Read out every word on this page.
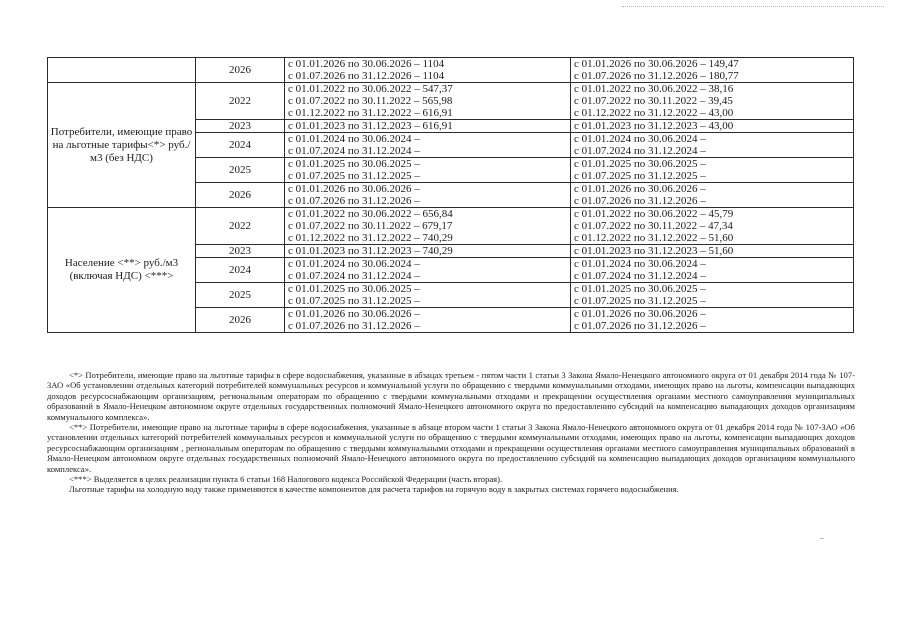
	2026	с 01.01.2026 по 30.06.2026 – 1104
с 01.07.2026 по 31.12.2026 – 1104	с 01.01.2026 по 30.06.2026 – 149,47
с 01.07.2026 по 31.12.2026 – 180,77

Потребители, имеющие право на льготные тарифы<*> руб./м3 (без НДС)	2022	с 01.01.2022 по 30.06.2022 – 547,37
с 01.07.2022 по 30.11.2022 – 565,98
с 01.12.2022 по 31.12.2022 – 616,91	с 01.01.2022 по 30.06.2022 – 38,16
с 01.07.2022 по 30.11.2022 – 39,45
с 01.12.2022 по 31.12.2022 – 43,00

	2023	с 01.01.2023 по 31.12.2023 – 616,91	с 01.01.2023 по 31.12.2023 – 43,00

	2024	с 01.01.2024 по 30.06.2024 –
с 01.07.2024 по 31.12.2024 –	с 01.01.2024 по 30.06.2024 –
с 01.07.2024 по 31.12.2024 –

	2025	с 01.01.2025 по 30.06.2025 –
с 01.07.2025 по 31.12.2025 –	с 01.01.2025 по 30.06.2025 –
с 01.07.2025 по 31.12.2025 –

	2026	с 01.01.2026 по 30.06.2026 –
с 01.07.2026 по 31.12.2026 –	с 01.01.2026 по 30.06.2026 –
с 01.07.2026 по 31.12.2026 –

Население <**> руб./м3 (включая НДС) <***>	2022	с 01.01.2022 по 30.06.2022 – 656,84
с 01.07.2022 по 30.11.2022 – 679,17
с 01.12.2022 по 31.12.2022 – 740,29	с 01.01.2022 по 30.06.2022 – 45,79
с 01.07.2022 по 30.11.2022 – 47,34
с 01.12.2022 по 31.12.2022 – 51,60

	2023	с 01.01.2023 по 31.12.2023 – 740,29	с 01.01.2023 по 31.12.2023 – 51,60

	2024	с 01.01.2024 по 30.06.2024 –
с 01.07.2024 по 31.12.2024 –	с 01.01.2024 по 30.06.2024 –
с 01.07.2024 по 31.12.2024 –

	2025	с 01.01.2025 по 30.06.2025 –
с 01.07.2025 по 31.12.2025 –	с 01.01.2025 по 30.06.2025 –
с 01.07.2025 по 31.12.2025 –

	2026	с 01.01.2026 по 30.06.2026 –
с 01.07.2026 по 31.12.2026 –	с 01.01.2026 по 30.06.2026 –
с 01.07.2026 по 31.12.2026 –

<*> Потребители, имеющие право на льготные тарифы в сфере водоснабжения, указанные в абзацах третьем - пятом части 1 статьи 3 Закона Ямало-Ненецкого автономного округа от 01 декабря 2014 года № 107-ЗАО «Об установлении отдельных категорий потребителей коммунальных ресурсов и коммунальной услуги по обращению с твердыми коммунальными отходами, имеющих право на льготы, компенсации выпадающих доходов ресурсоснабжающим организациям, региональным операторам по обращению с твердыми коммунальными отходами и прекращении осуществления органами местного самоуправления муниципальных образований в Ямало-Ненецком автономном округе отдельных государственных полномочий Ямало-Ненецкого автономного округа по предоставлению субсидий на компенсацию выпадающих доходов организациям коммунального комплекса».

<**> Потребители, имеющие право на льготные тарифы в сфере водоснабжения, указанные в абзаце втором части 1 статьи 3 Закона Ямало-Ненецкого автономного округа от 01 декабря 2014 года № 107-ЗАО «Об установлении отдельных категорий потребителей коммунальных ресурсов и коммунальной услуги по обращению с твердыми коммунальными отходами, имеющих право на льготы, компенсации выпадающих доходов ресурсоснабжающим организациям , региональным операторам по обращению с твердыми коммунальными отходами и прекращении осуществления органами местного самоуправления муниципальных образований в Ямало-Ненецком автономном округе отдельных государственных полномочий Ямало-Ненецкого автономного округа по предоставлению субсидий на компенсацию выпадающих доходов организациям коммунального комплекса».

<***> Выделяется в целях реализации пункта 6 статьи 168 Налогового кодекса Российской Федерации (часть вторая).

Льготные тарифы на холодную воду также применяются в качестве компонентов для расчета тарифов на горячую воду в закрытых системах горячего водоснабжения.

..
